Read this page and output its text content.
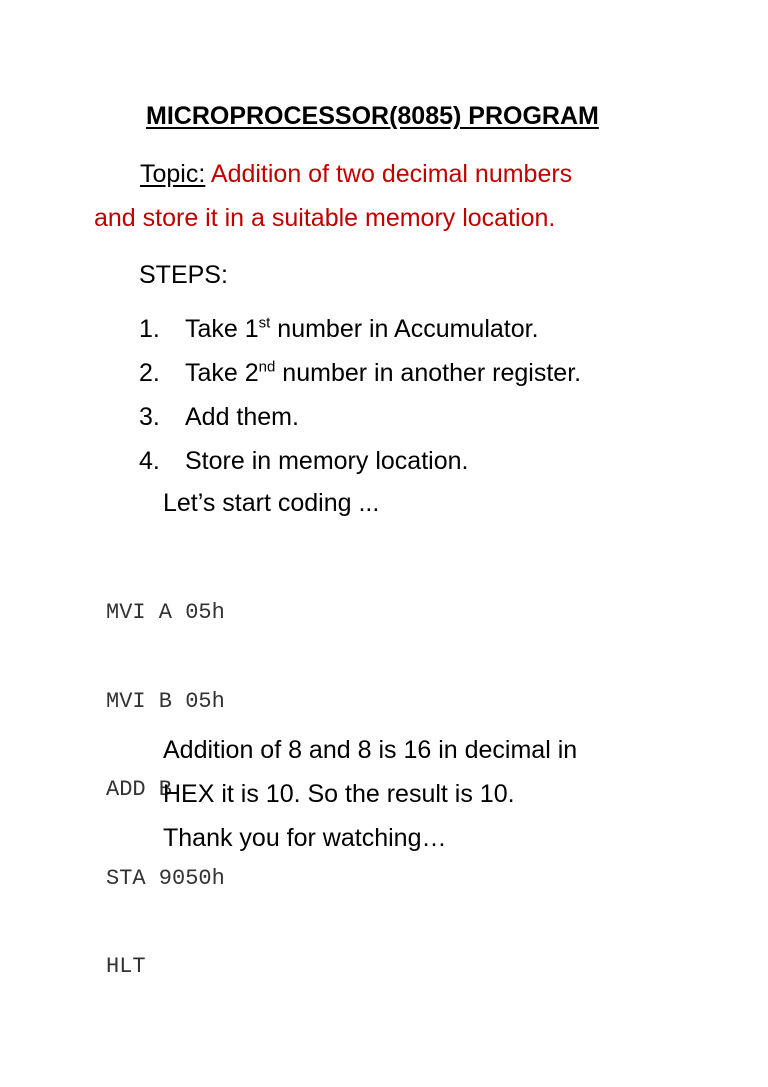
MICROPROCESSOR(8085) PROGRAM
Topic: Addition of two decimal numbers
and store it in a suitable memory location.
STEPS:
1.	Take 1st number in Accumulator.
2.	Take 2nd number in another register.
3.	Add them.
4.	Store in memory location.
Let’s start coding ...

MVI A 05h

MVI B 05h

ADD B

STA 9050h

HLT

Addition of 8 and 8 is 16 in decimal in
HEX it is 10. So the result is 10.
Thank you for watching…
